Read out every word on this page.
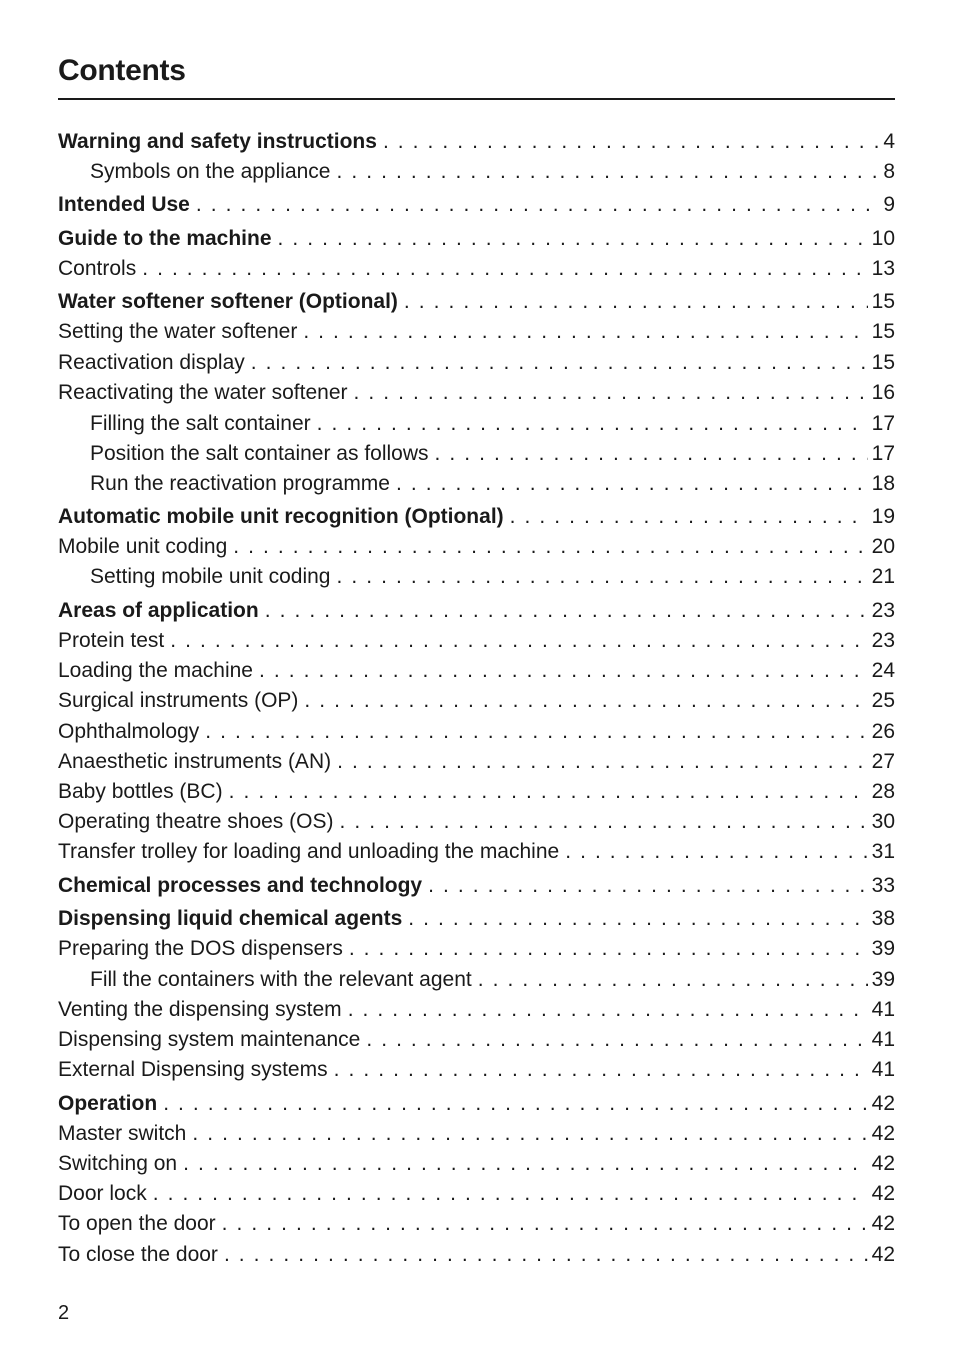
Contents
Warning and safety instructions . . .	4
Symbols on the appliance . . .	8
Intended Use . . .	9
Guide to the machine . . .	10
Controls . . .	13
Water softener softener (Optional) . . .	15
Setting the water softener . . .	15
Reactivation display . . .	15
Reactivating the water softener . . .	16
Filling the salt container . . .	17
Position the salt container as follows . . .	17
Run the reactivation programme . . .	18
Automatic mobile unit recognition (Optional) . . .	19
Mobile unit coding . . .	20
Setting mobile unit coding . . .	21
Areas of application . . .	23
Protein test . . .	23
Loading the machine . . .	24
Surgical instruments (OP) . . .	25
Ophthalmology . . .	26
Anaesthetic instruments (AN) . . .	27
Baby bottles (BC) . . .	28
Operating theatre shoes (OS) . . .	30
Transfer trolley for loading and unloading the machine . . .	31
Chemical processes and technology . . .	33
Dispensing liquid chemical agents . . .	38
Preparing the DOS dispensers . . .	39
Fill the containers with the relevant agent . . .	39
Venting the dispensing system . . .	41
Dispensing system maintenance . . .	41
External Dispensing systems . . .	41
Operation . . .	42
Master switch . . .	42
Switching on . . .	42
Door lock . . .	42
To open the door . . .	42
To close the door . . .	42
2
